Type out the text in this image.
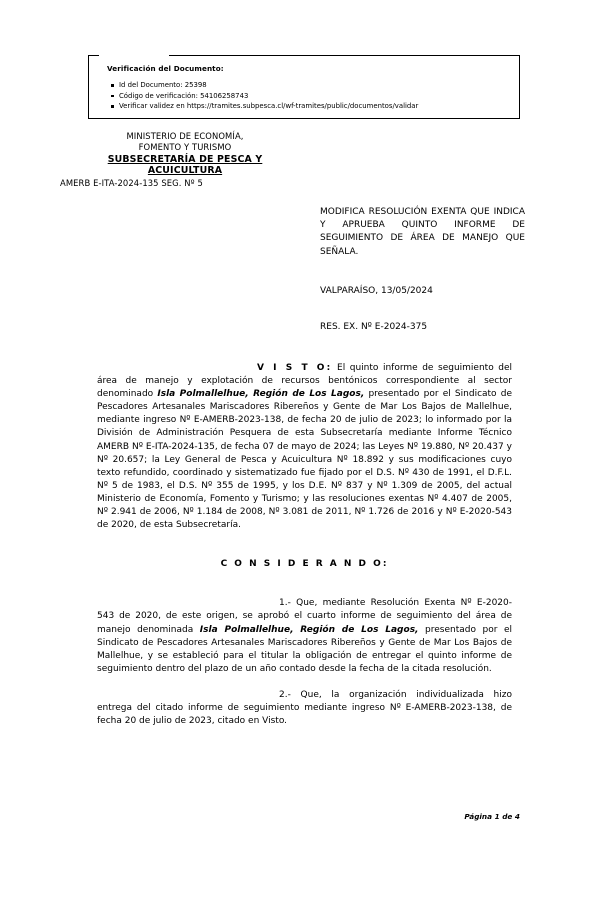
Verificación del Documento:
Id del Documento: 25398
Código de verificación: 54106258743
Verificar validez en https://tramites.subpesca.cl/wf-tramites/public/documentos/validar
MINISTERIO DE ECONOMÍA,
FOMENTO Y TURISMO
SUBSECRETARÍA DE PESCA Y
ACUICULTURA
AMERB E-ITA-2024-135 SEG. Nº 5
MODIFICA RESOLUCIÓN EXENTA QUE INDICA Y APRUEBA QUINTO INFORME DE SEGUIMIENTO DE ÁREA DE MANEJO QUE SEÑALA.
VALPARAÍSO, 13/05/2024
RES. EX. Nº E-2024-375

V I S T O: El quinto informe de seguimiento del área de manejo y explotación de recursos bentónicos correspondiente al sector denominado Isla Polmallelhue, Región de Los Lagos, presentado por el Sindicato de Pescadores Artesanales Mariscadores Ribereños y Gente de Mar Los Bajos de Mallelhue, mediante ingreso Nº E-AMERB-2023-138, de fecha 20 de julio de 2023; lo informado por la División de Administración Pesquera de esta Subsecretaría mediante Informe Técnico AMERB Nº E-ITA-2024-135, de fecha 07 de mayo de 2024; las Leyes Nº 19.880, Nº 20.437 y Nº 20.657; la Ley General de Pesca y Acuicultura Nº 18.892 y sus modificaciones cuyo texto refundido, coordinado y sistematizado fue fijado por el D.S. Nº 430 de 1991, el D.F.L. Nº 5 de 1983, el D.S. Nº 355 de 1995, y los D.E. Nº 837 y Nº 1.309 de 2005, del actual Ministerio de Economía, Fomento y Turismo; y las resoluciones exentas Nº 4.407 de 2005, Nº 2.941 de 2006, Nº 1.184 de 2008, Nº 3.081 de 2011, Nº 1.726 de 2016 y Nº E-2020-543 de 2020, de esta Subsecretaría.

C O N S I D E R A N D O:

1.- Que, mediante Resolución Exenta Nº E-2020-543 de 2020, de este origen, se aprobó el cuarto informe de seguimiento del área de manejo denominada Isla Polmallelhue, Región de Los Lagos, presentado por el Sindicato de Pescadores Artesanales Mariscadores Ribereños y Gente de Mar Los Bajos de Mallelhue, y se estableció para el titular la obligación de entregar el quinto informe de seguimiento dentro del plazo de un año contado desde la fecha de la citada resolución.

2.- Que, la organización individualizada hizo entrega del citado informe de seguimiento mediante ingreso Nº E-AMERB-2023-138, de fecha 20 de julio de 2023, citado en Visto.

Página 1 de 4
